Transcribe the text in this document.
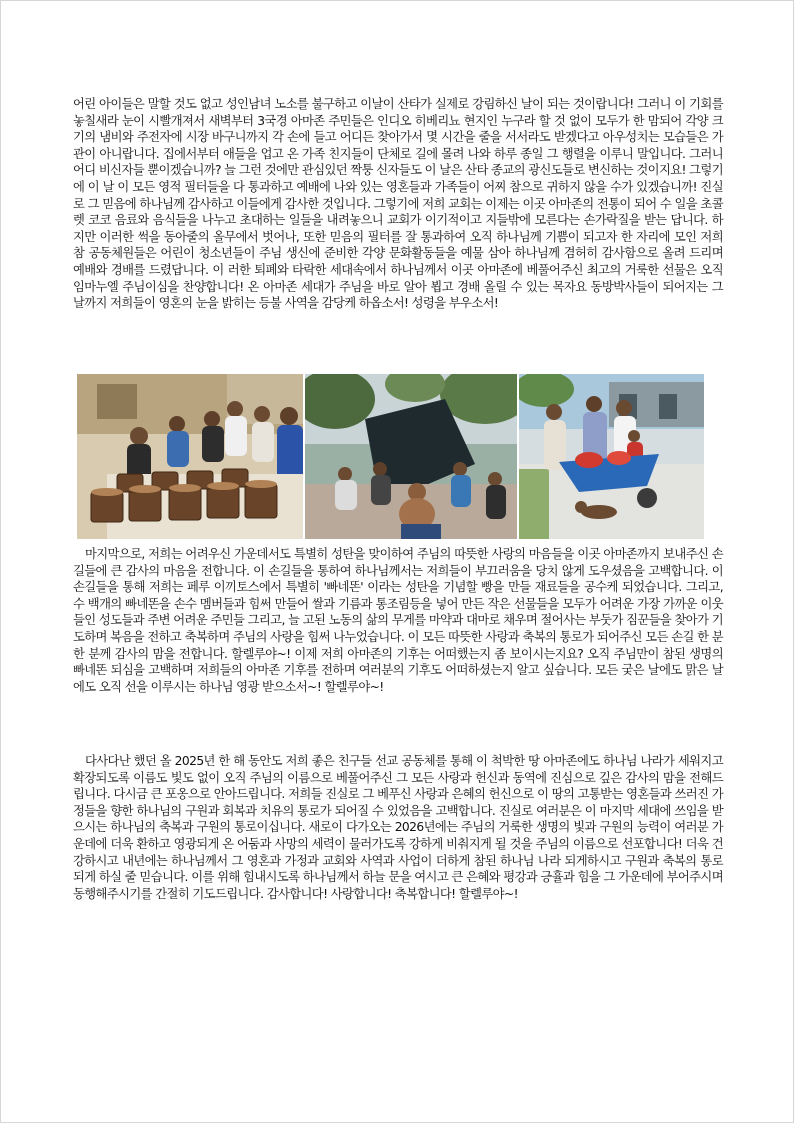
어린 아이들은 말할 것도 없고 성인남녀 노소를 불구하고 이날이 산타가 실제로 강림하신 날이 되는 것이랍니다! 그러니 이 기회를 놓칠새라 눈이 시빨개져서 새벽부터 3국경 아마존 주민들은 인디오 히베리뇨 현지인 누구라 할 것 없이 모두가 한 맘되어 각양 크기의 냄비와 주전자에 시장 바구니까지 각 손에 들고 어디든 찾아가서 몇 시간을 줄을 서서라도 받겠다고 아우성치는 모습들은 가관이 아니랍니다. 집에서부터 애들을 업고 온 가족 친지들이 단체로 길에 몰려 나와 하루 종일 그 행렬을 이루니 말입니다. 그러니 어디 비신자들 뿐이겠습니까? 늘 그런 것에만 관심있던 짝퉁 신자들도 이 날은 산타 종교의 광신도들로 변신하는 것이지요! 그렇기에 이 날 이 모든 영적 필터들을 다 통과하고 예배에 나와 있는 영혼들과 가족들이 어찌 참으로 귀하지 않을 수가 있겠습니까! 진실로 그 믿음에 하나님께 감사하고 이들에게 감사한 것입니다. 그렇기에 저희 교회는 이제는 이곳 아마존의 전통이 되어 수 일을 초콜렛 코코 음료와 음식들을 나누고 초대하는 일들을 내려놓으니 교회가 이기적이고 지들밖에 모른다는 손가락질을 받는 답니다. 하지만 이러한 썩을 동아줄의 올무에서 벗어나, 또한 믿음의 필터를 잘 통과하여 오직 하나님께 기쁨이 되고자 한 자리에 모인 저희 참 공동체원들은 어린이 청소년들이 주님 생신에 준비한 각양 문화활동들을 예물 삼아 하나님께 겸허히 감사함으로 올려 드리며 예배와 경배를 드렸답니다. 이 러한 퇴폐와 타락한 세대속에서 하나님께서 이곳 아마존에 베풀어주신 최고의 거룩한 선물은 오직 임마누엘 주님이심을 찬양합니다! 온 아마존 세대가 주님을 바로 알아 뵙고 경배 올릴 수 있는 목자요 동방박사들이 되어지는 그 날까지 저희들이 영혼의 눈을 밝히는 등불 사역을 감당케 하옵소서! 성령을 부우소서!

마지막으로, 저희는 어려우신 가운데서도 특별히 성탄을 맞이하여 주님의 따뜻한 사랑의 마음들을 이곳 아마존까지 보내주신 손길들에 큰 감사의 마음을 전합니다. 이 손길들을 통하여 하나님께서는 저희들이 부끄러움을 당치 않게 도우셨음을 고백합니다. 이 손길들을 통해 저희는 페루 이끼토스에서 특별히 '빠네똔' 이라는 성탄을 기념할 빵을 만들 재료들을 공수케 되었습니다. 그리고, 수 백개의 빠네똔을 손수 멤버들과 힘써 만들어 쌀과 기름과 통조림등을 넣어 만든 작은 선물들을 모두가 어려운 가장 가까운 이웃들인 성도들과 주변 어려운 주민들 그리고, 늘 고된 노동의 삶의 무게를 마약과 대마로 채우며 절어사는 부둣가 짐꾼들을 찾아가 기도하며 복음을 전하고 축복하며 주님의 사랑을 힘써 나누었습니다. 이 모든 따뜻한 사랑과 축복의 통로가 되어주신 모든 손길 한 분 한 분께 감사의 맘을 전합니다. 할렐루야~! 이제 저희 아마존의 기후는 어떠했는지 좀 보이시는지요? 오직 주님만이 참된 생명의 빠네똔 되심을 고백하며 저희들의 아마존 기후를 전하며 여러분의 기후도 어떠하셨는지 알고 싶습니다. 모든 궂은 날에도 맑은 날에도 오직 선을 이루시는 하나님 영광 받으소서~! 할렐루야~!

다사다난 했던 올 2025년 한 해 동안도 저희 좋은 친구들 선교 공동체를 통해 이 척박한 땅 아마존에도 하나님 나라가 세워지고 확장되도록 이름도 빛도 없이 오직 주님의 이름으로 베풀어주신 그 모든 사랑과 헌신과 동역에 진심으로 깊은 감사의 맘을 전해드립니다. 다시금 큰 포옹으로 안아드립니다. 저희들 진실로 그 베푸신 사랑과 은혜의 헌신으로 이 땅의 고통받는 영혼들과 쓰러진 가정들을 향한 하나님의 구원과 회복과 치유의 통로가 되어질 수 있었음을 고백합니다. 진실로 여러분은 이 마지막 세대에 쓰임을 받으시는 하나님의 축복과 구원의 통로이십니다. 새로이 다가오는 2026년에는 주님의 거룩한 생명의 빛과 구원의 능력이 여러분 가운데에 더욱 환하고 영광되게 온 어둠과 사망의 세력이 물러가도록 강하게 비춰지게 될 것을 주님의 이름으로 선포합니다! 더욱 건강하시고 내년에는 하나님께서 그 영혼과 가정과 교회와 사역과 사업이 더하게 참된 하나님 나라 되게하시고 구원과 축복의 통로 되게 하실 줄 믿습니다. 이를 위해 힘내시도록 하나님께서 하늘 문을 여시고 큰 은혜와 평강과 긍휼과 힘을 그 가운데에 부어주시며 동행해주시기를 간절히 기도드립니다. 감사합니다! 사랑합니다! 축복합니다! 할렐루야~!
